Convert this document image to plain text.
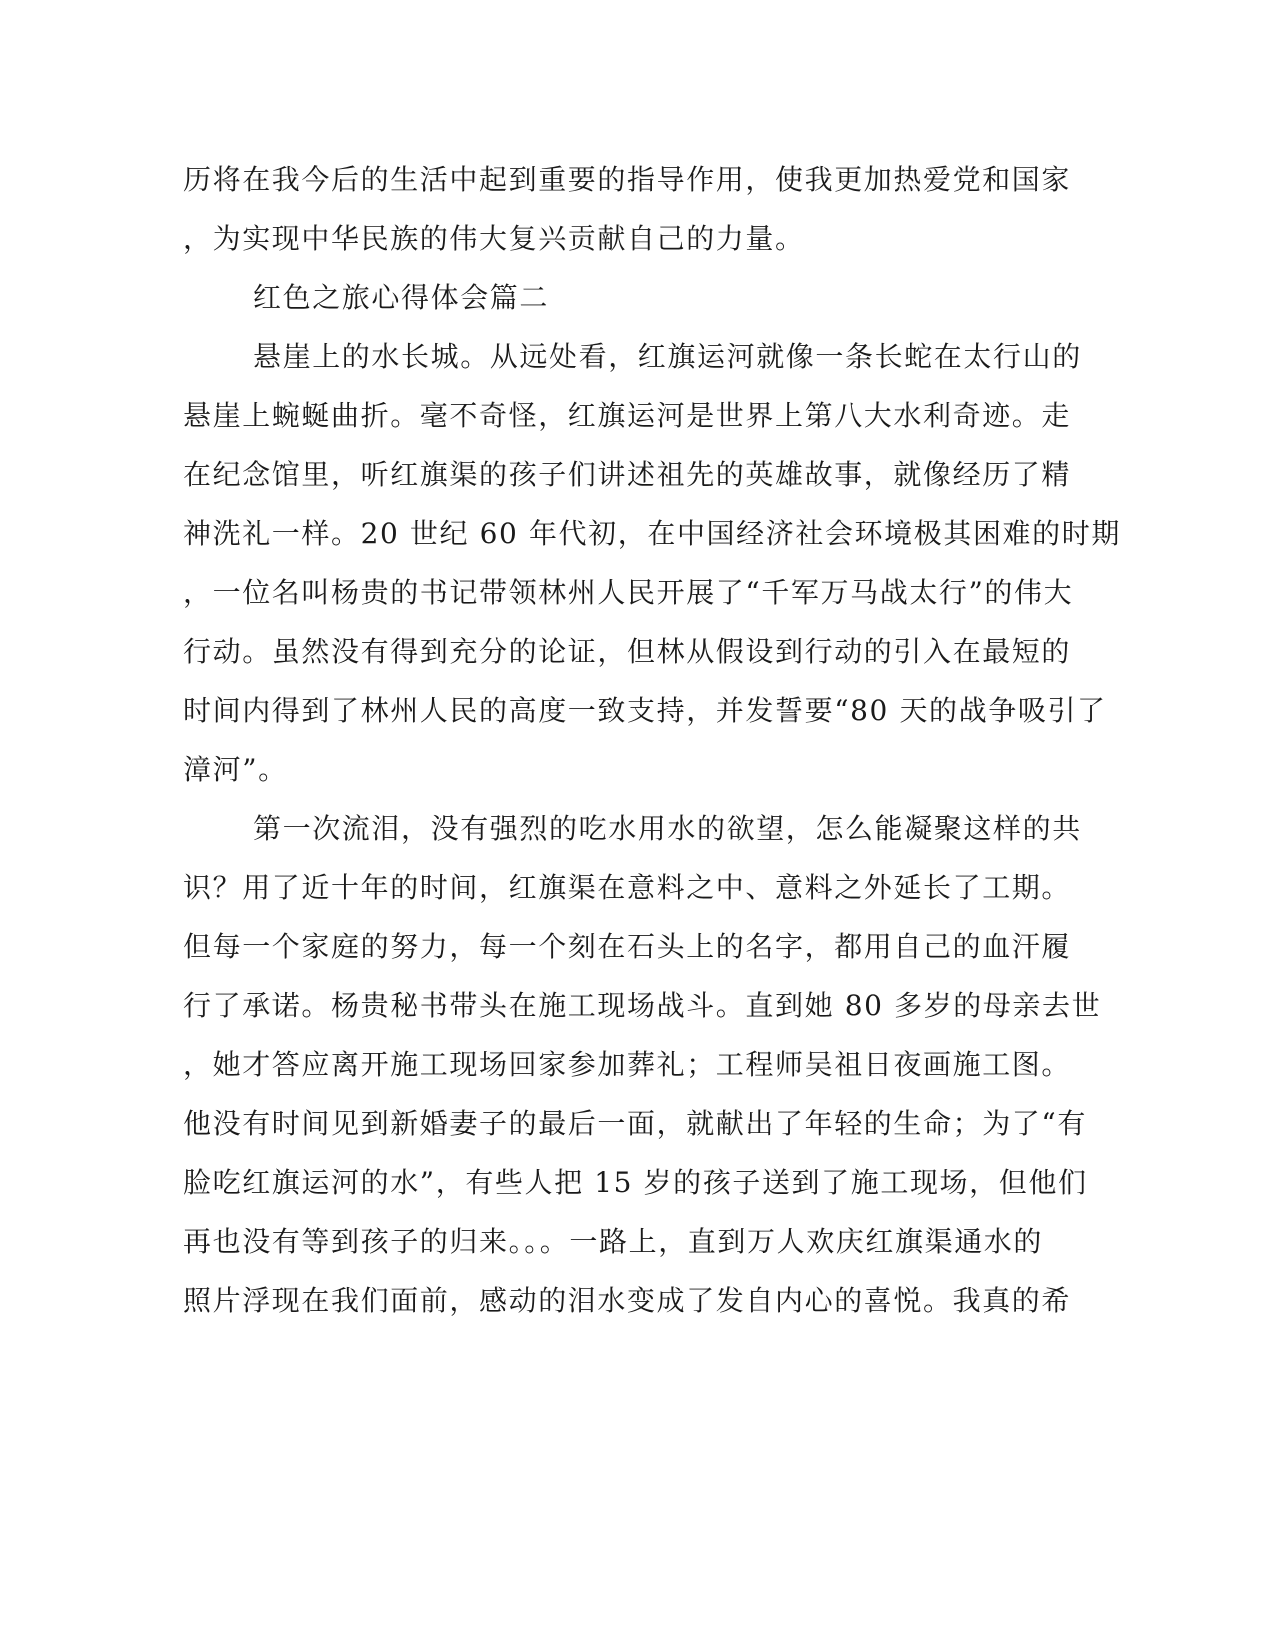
历将在我今后的生活中起到重要的指导作用，使我更加热爱党和国家
，为实现中华民族的伟大复兴贡献自己的力量。
红色之旅心得体会篇二
悬崖上的水长城。从远处看，红旗运河就像一条长蛇在太行山的
悬崖上蜿蜒曲折。毫不奇怪，红旗运河是世界上第八大水利奇迹。走
在纪念馆里，听红旗渠的孩子们讲述祖先的英雄故事，就像经历了精
神洗礼一样。20 世纪 60 年代初，在中国经济社会环境极其困难的时期
，一位名叫杨贵的书记带领林州人民开展了“千军万马战太行”的伟大
行动。虽然没有得到充分的论证，但林从假设到行动的引入在最短的
时间内得到了林州人民的高度一致支持，并发誓要“80 天的战争吸引了
漳河”。
第一次流泪，没有强烈的吃水用水的欲望，怎么能凝聚这样的共
识？用了近十年的时间，红旗渠在意料之中、意料之外延长了工期。
但每一个家庭的努力，每一个刻在石头上的名字，都用自己的血汗履
行了承诺。杨贵秘书带头在施工现场战斗。直到她 80 多岁的母亲去世
，她才答应离开施工现场回家参加葬礼；工程师吴祖日夜画施工图。
他没有时间见到新婚妻子的最后一面，就献出了年轻的生命；为了“有
脸吃红旗运河的水”，有些人把 15 岁的孩子送到了施工现场，但他们
再也没有等到孩子的归来。。。一路上，直到万人欢庆红旗渠通水的
照片浮现在我们面前，感动的泪水变成了发自内心的喜悦。我真的希
